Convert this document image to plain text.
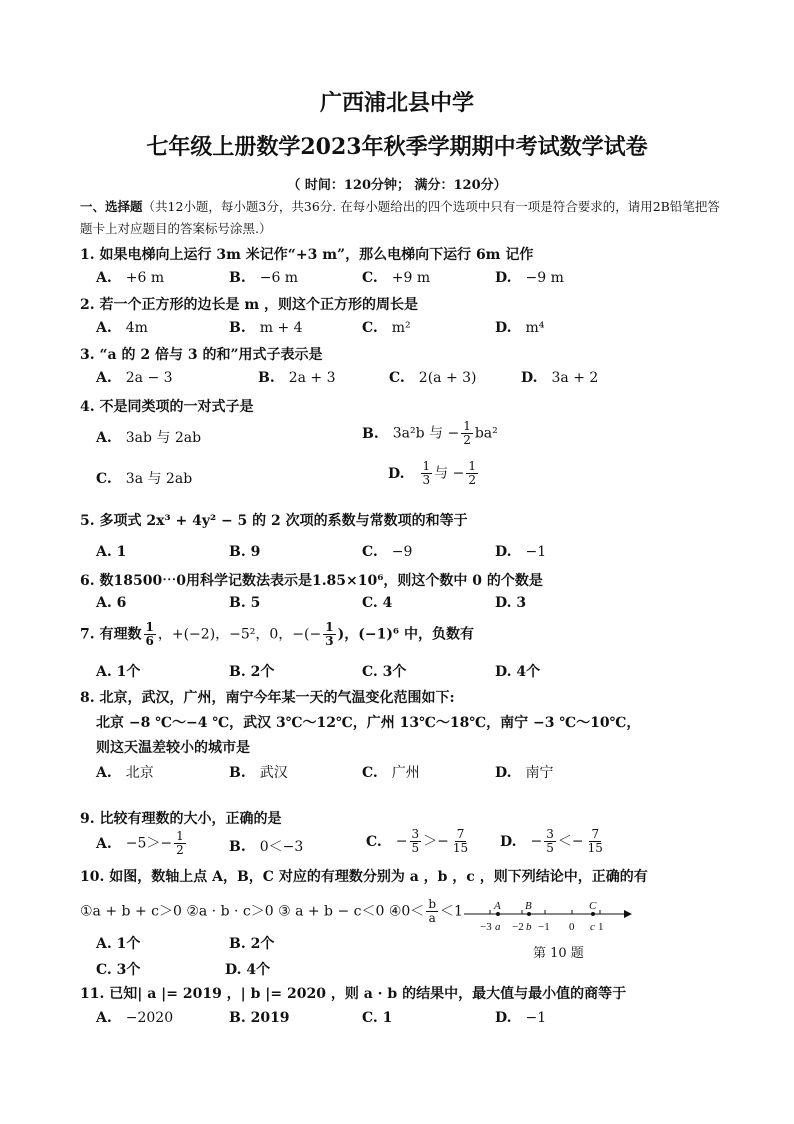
广西浦北县中学
七年级上册数学2023年秋季学期期中考试数学试卷
（ 时间：120分钟； 满分：120分）
一、选择题（共12小题，每小题3分，共36分. 在每小题给出的四个选项中只有一项是符合要求的，请用2B铅笔把答题卡上对应题目的答案标号涂黑.）
1. 如果电梯向上运行 3m 米记作“+3 m”，那么电梯向下运行 6m 记作
A. +6 m	B. −6 m	C. +9 m	D. −9 m
2. 若一个正方形的边长是 m ，则这个正方形的周长是
A. 4m	B. m + 4	C. m²	D. m⁴
3. “a 的 2 倍与 3 的和”用式子表示是
A. 2a − 3	B. 2a + 3	C. 2(a + 3)	D. 3a + 2
4. 不是同类项的一对式子是
A. 3ab 与 2ab	B. 3a²b 与 − $\frac{1}{2} ba^2$
C. 3a 与 2ab	D. $\frac{1}{3}$ 与 − $\frac{1}{2}$
5. 多项式 2x³ + 4y² − 5 的 2 次项的系数与常数项的和等于
A. 1	B. 9	C. −9	D. −1
6. 数18500⋯0用科学记数法表示是1.85×10⁶，则这个数中 0 的个数是
A. 6	B. 5	C. 4	D. 3
7. 有理数 $\frac{1}{6}$ ，+(−2)，−5²，0，−(− $\frac{1}{3}$ )，(−1)⁶ 中，负数有
A. 1个	B. 2个	C. 3个	D. 4个
8. 北京，武汉，广州，南宁今年某一天的气温变化范围如下:
北京 −8 ℃～−4 ℃，武汉 3℃～12℃，广州 13℃～18℃，南宁 −3 ℃～10℃，
则这天温差较小的城市是
A. 北京	B. 武汉	C. 广州	D. 南宁
9. 比较有理数的大小，正确的是
A. $-5>- \frac{1}{2}$	B. 0＜−3	C. − $\frac{3}{5} >- \frac{7}{15} D$. − $\frac{3}{5} <- \frac{7}{15}$
10. 如图，数轴上点 A，B，C 对应的有理数分别为 a ，b ，c ，则下列结论中，正确的有
①a + b + c＞0 ②a · b · c＞0 ③ a + b − c＜0 ④0＜ $\frac{b}{a} <1$	A B	C
−3 a −2 b −1 0 c 1
第 10 题
A. 1个	B. 2个
C. 3个	D. 4个
11. 已知| a |= 2019 ，| b |= 2020 ，则 a · b 的结果中，最大值与最小值的商等于
A. −2020	B. 2019	C. 1	D. −1
